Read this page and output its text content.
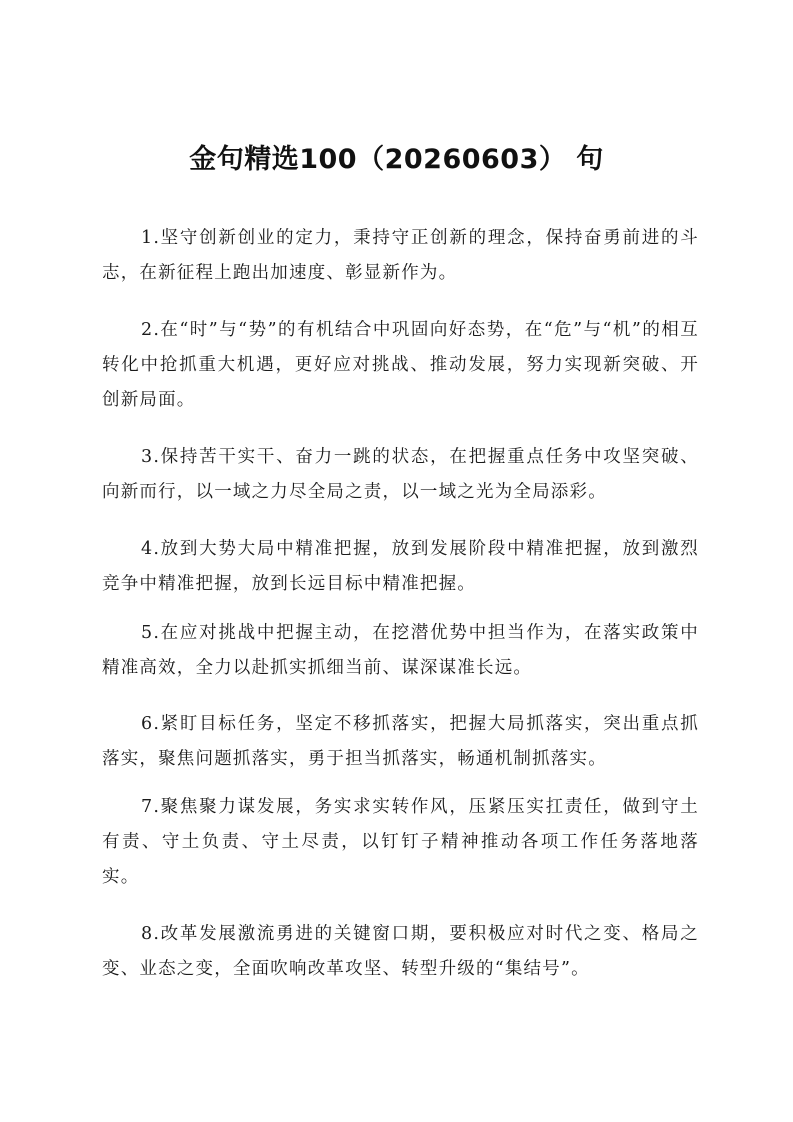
金句精选100（20260603） 句

1.坚守创新创业的定力，秉持守正创新的理念，保持奋勇前进的斗志，在新征程上跑出加速度、彰显新作为。

2.在“时”与“势”的有机结合中巩固向好态势，在“危”与“机”的相互转化中抢抓重大机遇，更好应对挑战、推动发展，努力实现新突破、开创新局面。

3.保持苦干实干、奋力一跳的状态，在把握重点任务中攻坚突破、向新而行，以一域之力尽全局之责，以一域之光为全局添彩。

4.放到大势大局中精准把握，放到发展阶段中精准把握，放到激烈竞争中精准把握，放到长远目标中精准把握。

5.在应对挑战中把握主动，在挖潜优势中担当作为，在落实政策中精准高效，全力以赴抓实抓细当前、谋深谋准长远。

6.紧盯目标任务，坚定不移抓落实，把握大局抓落实，突出重点抓落实，聚焦问题抓落实，勇于担当抓落实，畅通机制抓落实。

7.聚焦聚力谋发展，务实求实转作风，压紧压实扛责任，做到守土有责、守土负责、守土尽责，以钉钉子精神推动各项工作任务落地落实。

8.改革发展激流勇进的关键窗口期，要积极应对时代之变、格局之变、业态之变，全面吹响改革攻坚、转型升级的“集结号”。
